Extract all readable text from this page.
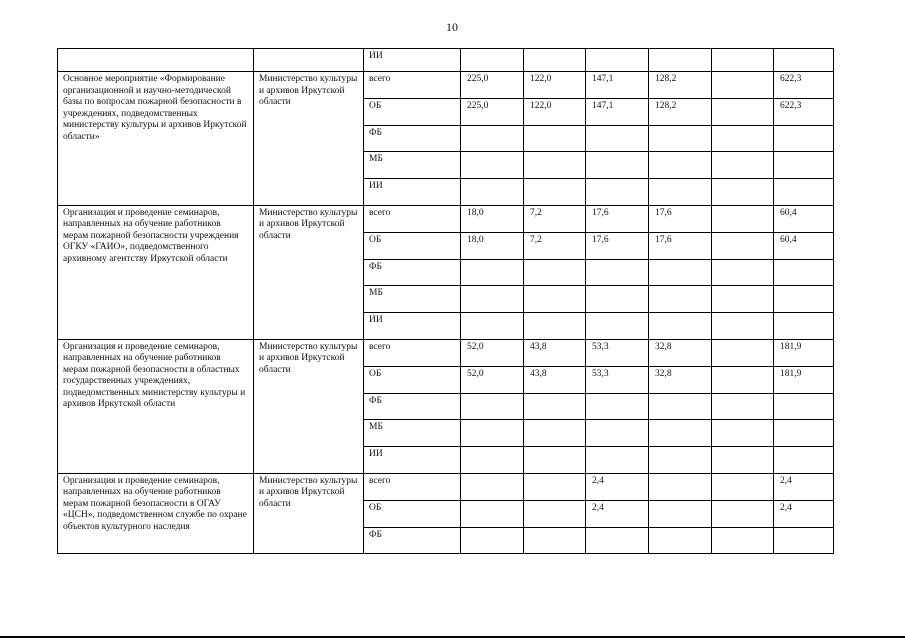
10
		ИИ						
Основное мероприятие «Формирование организационной и научно-методической базы по вопросам пожарной безопасности в учреждениях, подведомственных министерству культуры и архивов Иркутской области»	Министерство культуры и архивов Иркутской области	всего	225,0	122,0	147,1	128,2		622,3
		ОБ	225,0	122,0	147,1	128,2		622,3
		ФБ						
		МБ						
		ИИ						
Организация и проведение семинаров, направленных на обучение работников мерам пожарной безопасности учреждения ОГКУ «ГАИО», подведомственного архивному агентству Иркутской области	Министерство культуры и архивов Иркутской области	всего	18,0	7,2	17,6	17,6		60,4
		ОБ	18,0	7,2	17,6	17,6		60,4
		ФБ						
		МБ						
		ИИ						
Организация и проведение семинаров, направленных на обучение работников мерам пожарной безопасности в областных государственных учреждениях, подведомственных министерству культуры и архивов Иркутской области	Министерство культуры и архивов Иркутской области	всего	52,0	43,8	53,3	32,8		181,9
		ОБ	52,0	43,8	53,3	32,8		181,9
		ФБ						
		МБ						
		ИИ						
Организация и проведение семинаров, направленных на обучение работников мерам пожарной безопасности в ОГАУ «ЦСН», подведомственном службе по охране объектов культурного наследия	Министерство культуры и архивов Иркутской области	всего			2,4			2,4
		ОБ			2,4			2,4
		ФБ						
